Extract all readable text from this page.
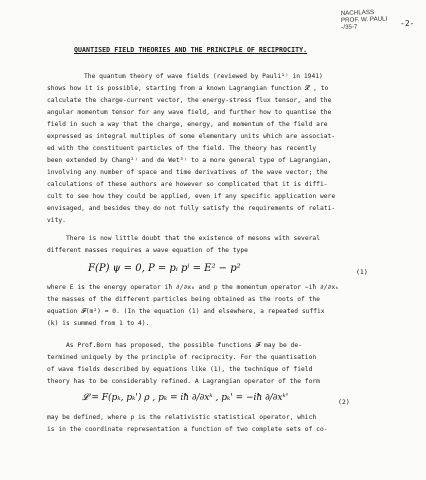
NACHLASS
PROF. W. PAULI
-/35-7	-2-
QUANTISED FIELD THEORIES AND THE PRINCIPLE OF RECIPROCITY.
The quantum theory of wave fields (reviewed by Pauli¹⁾ in 1941)
shows how it is possible, starting from a known Lagrangian function 𝓛 , to
calculate the charge-current vector, the energy-stress flux tensor, and the
angular momentum tensor for any wave field, and further how to quantise the
field in such a way that the charge, energy, and momentum of the field are
expressed as integral multiples of some elementary units which are associat-
ed with the constituent particles of the field. The theory has recently
been extended by Chang²⁾ and de Wet³⁾ to a more general type of Lagrangian,
involving any number of space and time derivatives of the wave vector; the
calculations of these authors are however so complicated that it is diffi-
cult to see how they could be applied, even if any specific application were
envisaged, and besides they do not fully satisfy the requirements of relati-
vity.
There is now little doubt that the existence of mesons with several
different masses requires a wave equation of the type
F(P) ψ = 0, P = pᵢ pⁱ = E² − p²	(1)
where E is the energy operator iħ ∂/∂x₀ and p the momentum operator −iħ ∂/∂xₖ
the masses of the different particles being obtained as the roots of the
equation 𝓕(m²) = 0. (In the equation (1) and elsewhere, a repeated suffix
(k) is summed from 1 to 4).
As Prof.Born has proposed, the possible functions 𝓕 may be de-
termined uniquely by the principle of reciprocity. For the quantisation
of wave fields described by equations like (1), the technique of field
theory has to be considerably refined. A Lagrangian operator of the form
𝓛 = F(pₖ, pₖ') ρ , pₖ = iħ ∂/∂xᵏ , pₖ' = −iħ ∂/∂xᵏ'	(2)
may be defined, where ρ is the relativistic statistical operator, which
is in the coordinate representation a function of two complete sets of co-
